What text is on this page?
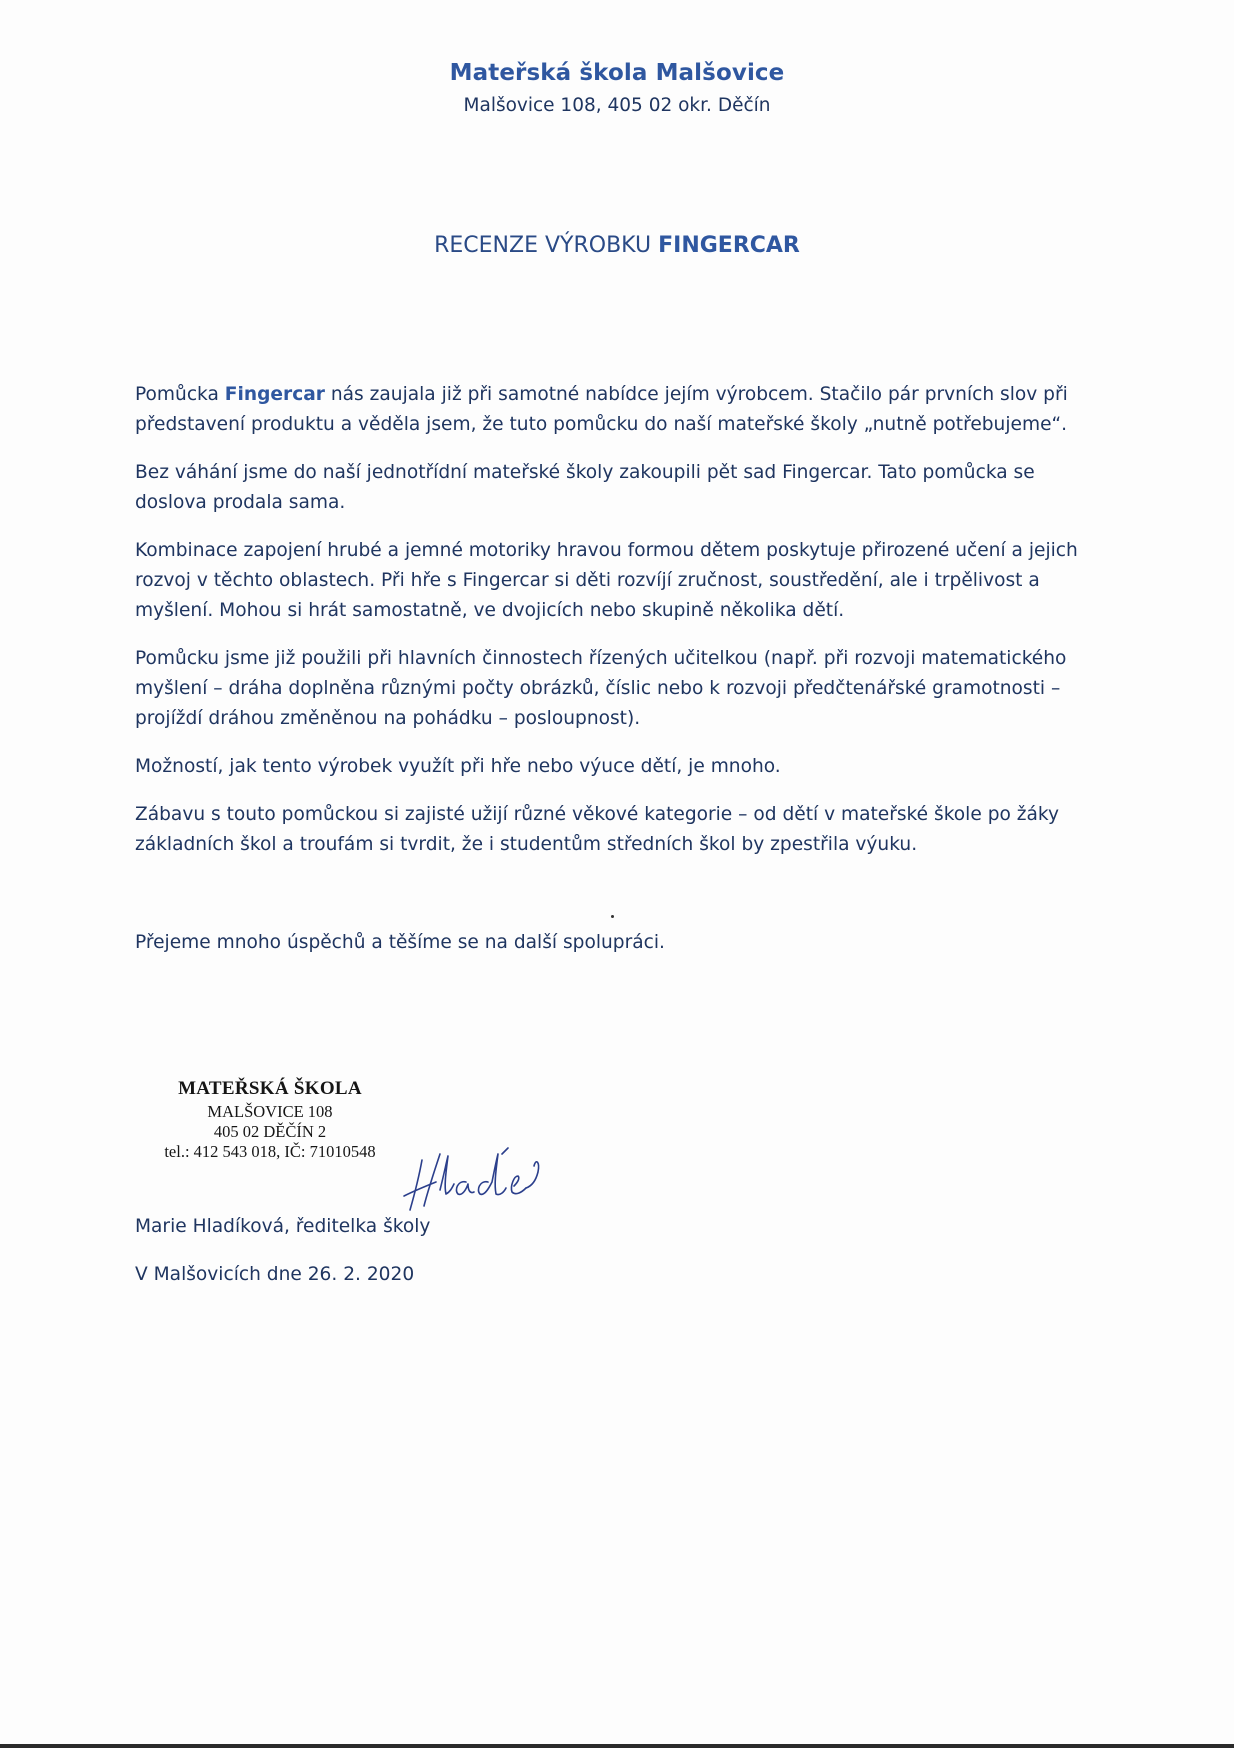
Mateřská škola Malšovice
Malšovice 108, 405 02 okr. Děčín
RECENZE VÝROBKU FINGERCAR

Pomůcka Fingercar nás zaujala již při samotné nabídce jejím výrobcem. Stačilo pár prvních slov při představení produktu a věděla jsem, že tuto pomůcku do naší mateřské školy „nutně potřebujeme“.

Bez váhání jsme do naší jednotřídní mateřské školy zakoupili pět sad Fingercar. Tato pomůcka se doslova prodala sama.

Kombinace zapojení hrubé a jemné motoriky hravou formou dětem poskytuje přirozené učení a jejich rozvoj v těchto oblastech. Při hře s Fingercar si děti rozvíjí zručnost, soustředění, ale i trpělivost a myšlení. Mohou si hrát samostatně, ve dvojicích nebo skupině několika dětí.

Pomůcku jsme již použili při hlavních činnostech řízených učitelkou (např. při rozvoji matematického myšlení – dráha doplněna různými počty obrázků, číslic nebo k rozvoji předčtenářské gramotnosti – projíždí dráhou změněnou na pohádku – posloupnost).

Možností, jak tento výrobek využít při hře nebo výuce dětí, je mnoho.

Zábavu s touto pomůckou si zajisté užijí různé věkové kategorie – od dětí v mateřské škole po žáky základních škol a troufám si tvrdit, že i studentům středních škol by zpestřila výuku.

Přejeme mnoho úspěchů a těšíme se na další spolupráci.
MATEŘSKÁ ŠKOLA
MALŠOVICE 108
405 02 DĚČÍN 2
tel.: 412 543 018, IČ: 71010548
Marie Hladíková, ředitelka školy
V Malšovicích dne 26. 2. 2020
